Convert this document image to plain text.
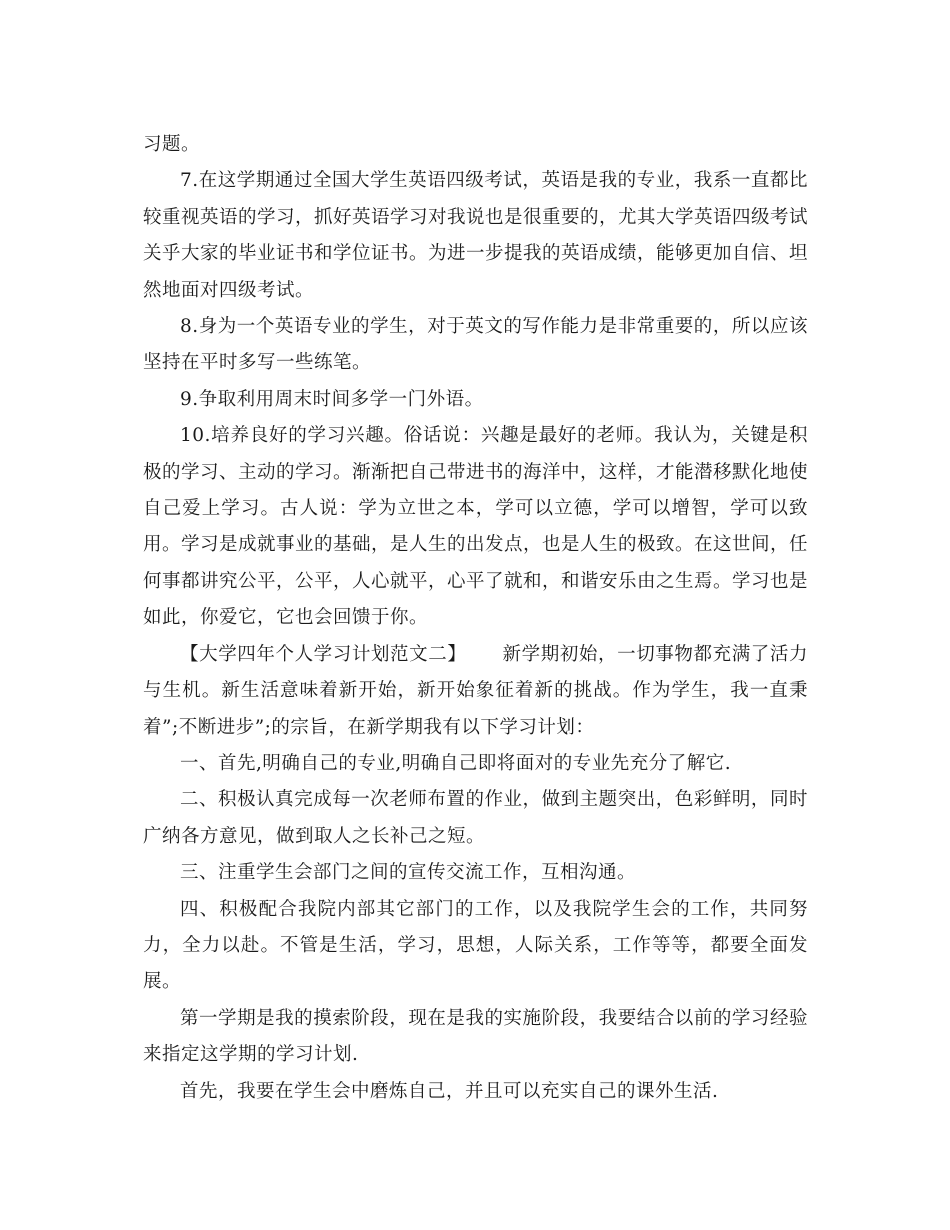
习题。

7.在这学期通过全国大学生英语四级考试，英语是我的专业，我系一直都比较重视英语的学习，抓好英语学习对我说也是很重要的，尤其大学英语四级考试关乎大家的毕业证书和学位证书。为进一步提我的英语成绩，能够更加自信、坦然地面对四级考试。

8.身为一个英语专业的学生，对于英文的写作能力是非常重要的，所以应该坚持在平时多写一些练笔。

9.争取利用周末时间多学一门外语。

10.培养良好的学习兴趣。俗话说：兴趣是最好的老师。我认为，关键是积极的学习、主动的学习。渐渐把自己带进书的海洋中，这样，才能潜移默化地使自己爱上学习。古人说：学为立世之本，学可以立德，学可以增智，学可以致用。学习是成就事业的基础，是人生的出发点，也是人生的极致。在这世间，任何事都讲究公平，公平，人心就平，心平了就和，和谐安乐由之生焉。学习也是如此，你爱它，它也会回馈于你。

【大学四年个人学习计划范文二】 新学期初始，一切事物都充满了活力与生机。新生活意味着新开始，新开始象征着新的挑战。作为学生，我一直秉着”;不断进步”;的宗旨，在新学期我有以下学习计划：

一、首先,明确自己的专业,明确自己即将面对的专业先充分了解它.

二、积极认真完成每一次老师布置的作业，做到主题突出，色彩鲜明，同时广纳各方意见，做到取人之长补己之短。

三、注重学生会部门之间的宣传交流工作，互相沟通。

四、积极配合我院内部其它部门的工作，以及我院学生会的工作，共同努力，全力以赴。不管是生活，学习，思想，人际关系，工作等等，都要全面发展。

第一学期是我的摸索阶段，现在是我的实施阶段，我要结合以前的学习经验来指定这学期的学习计划.

首先，我要在学生会中磨炼自己，并且可以充实自己的课外生活.
